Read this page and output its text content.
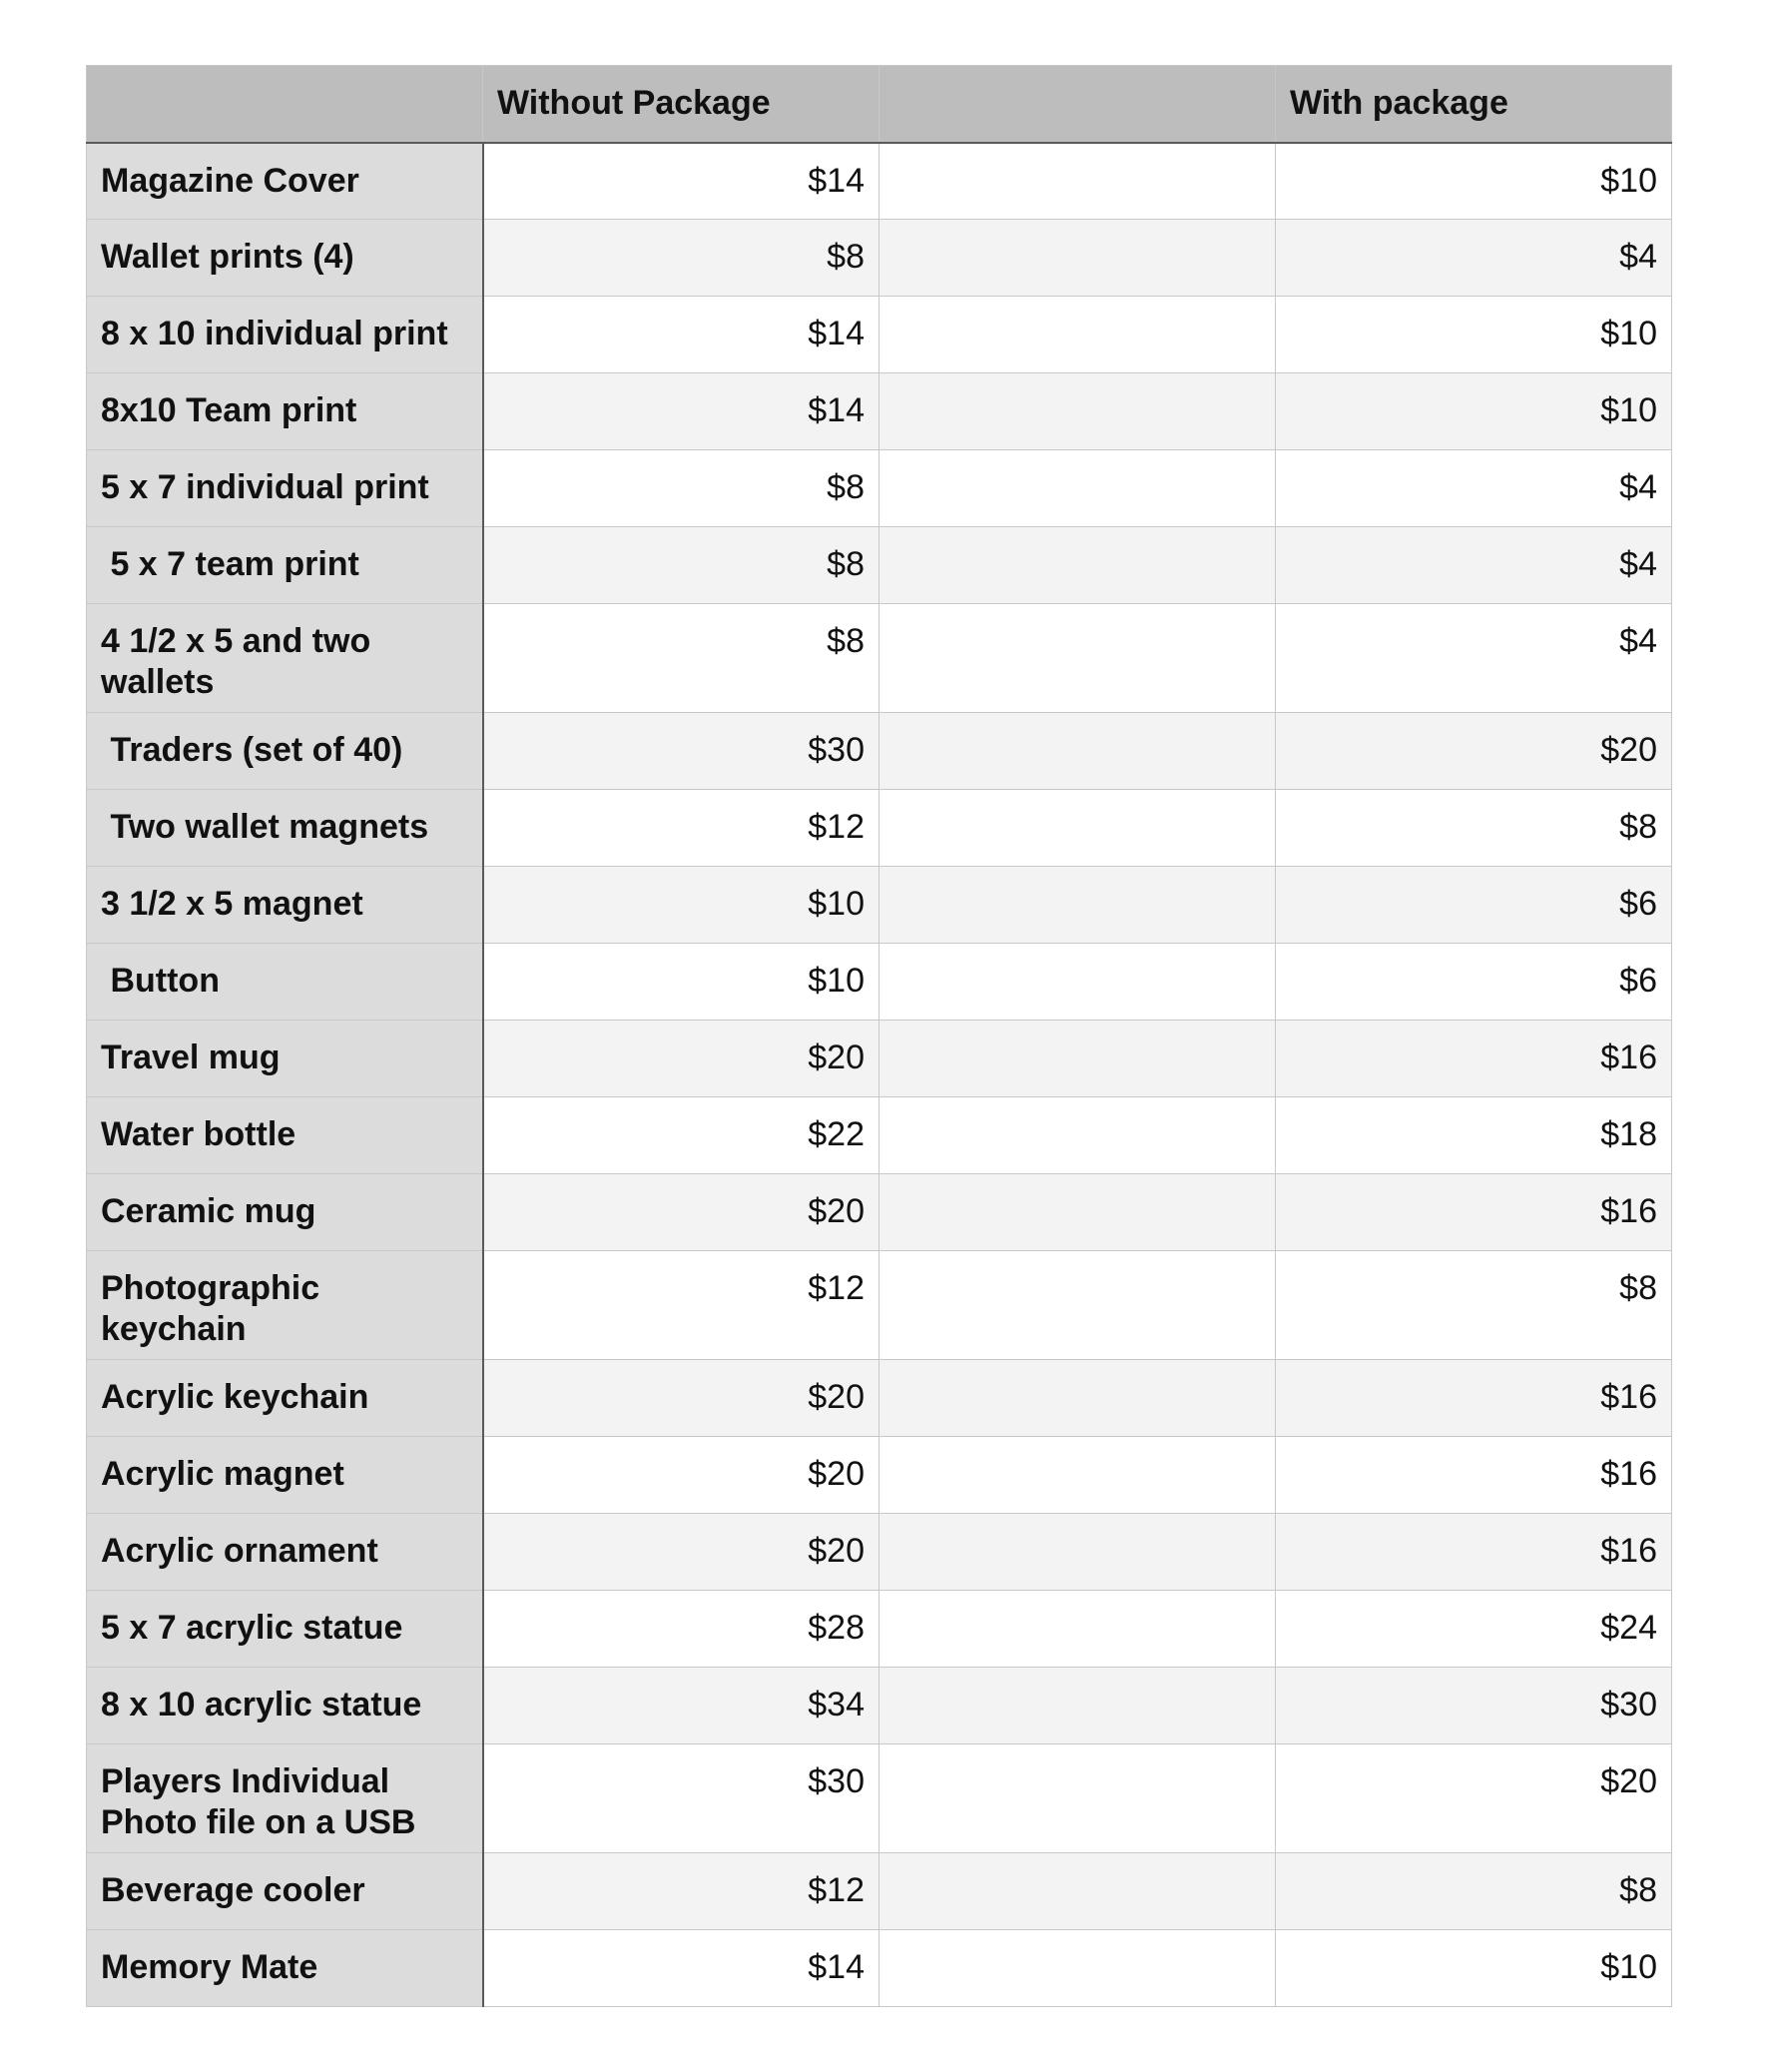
	Without Package		With package
Magazine Cover	$14		$10
Wallet prints (4)	$8		$4
8 x 10 individual print	$14		$10
8x10 Team print	$14		$10
5 x 7 individual print	$8		$4
5 x 7 team print	$8		$4
4 1/2 x 5 and two wallets	$8		$4
Traders (set of 40)	$30		$20
Two wallet magnets	$12		$8
3 1/2 x 5 magnet	$10		$6
Button	$10		$6
Travel mug	$20		$16
Water bottle	$22		$18
Ceramic mug	$20		$16
Photographic keychain	$12		$8
Acrylic keychain	$20		$16
Acrylic magnet	$20		$16
Acrylic ornament	$20		$16
5 x 7 acrylic statue	$28		$24
8 x 10 acrylic statue	$34		$30
Players Individual Photo file on a USB	$30		$20
Beverage cooler	$12		$8
Memory Mate	$14		$10
